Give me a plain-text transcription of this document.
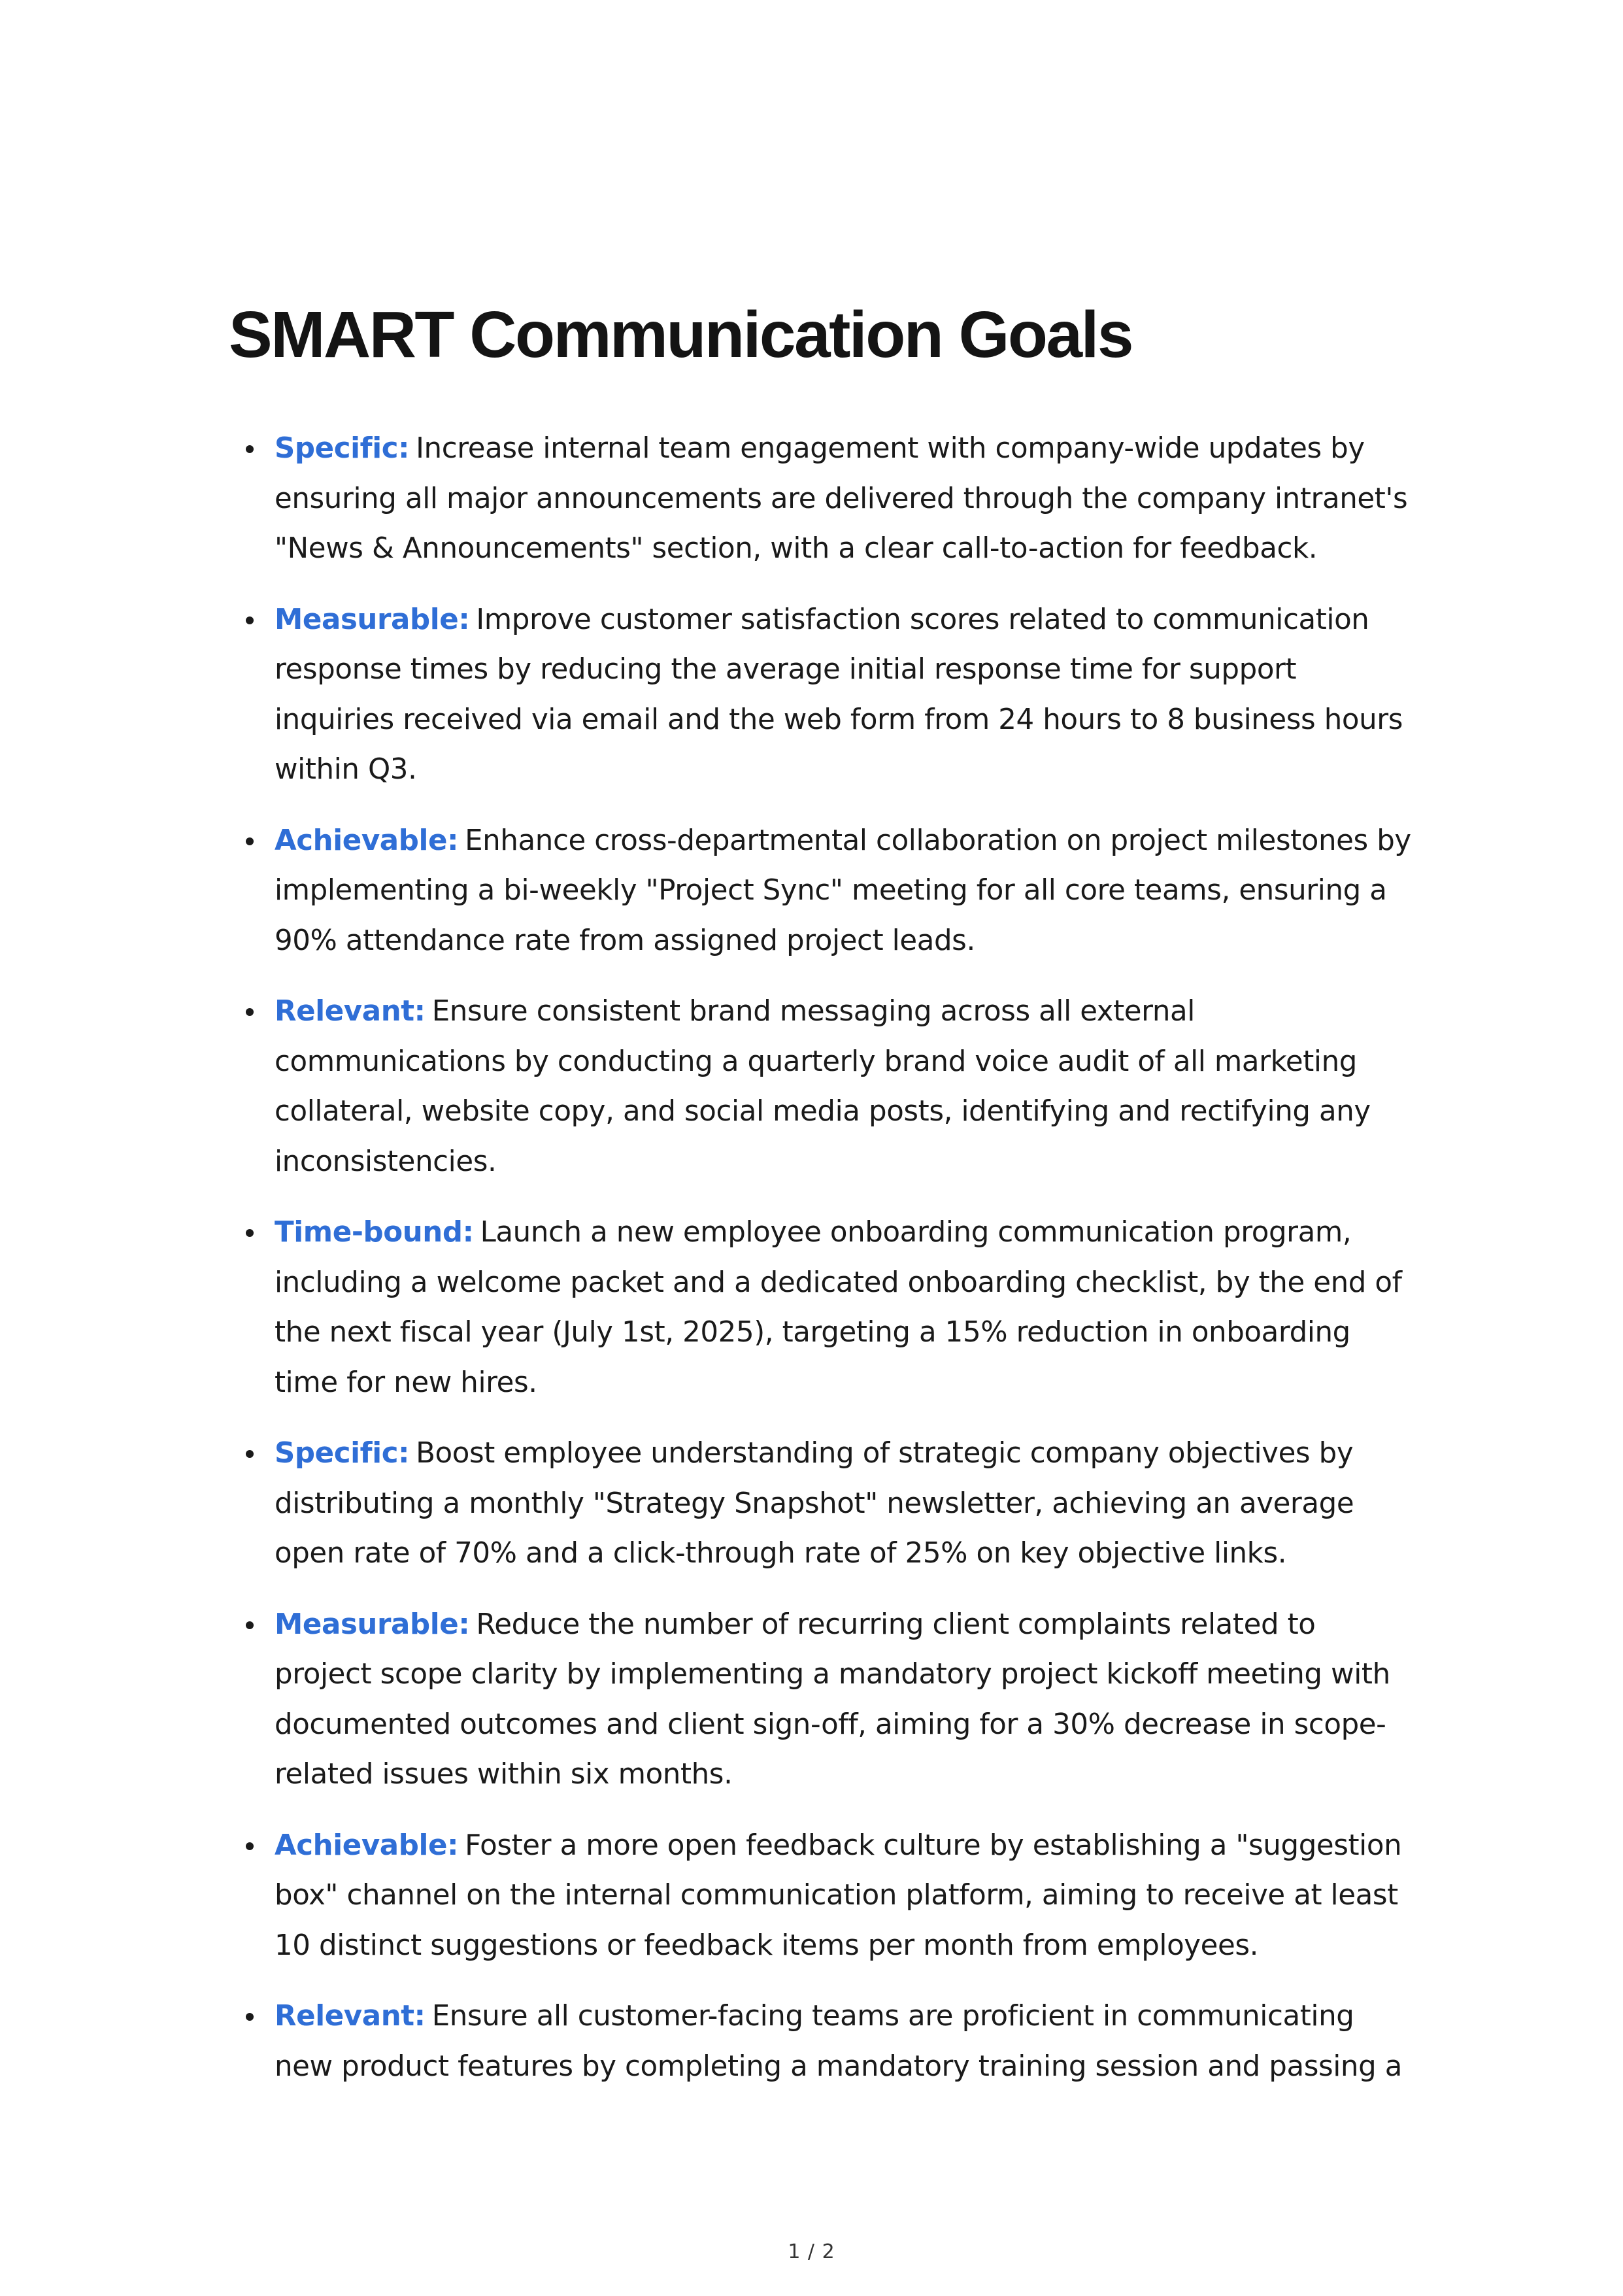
SMART Communication Goals
Specific: Increase internal team engagement with company-wide updates by ensuring all major announcements are delivered through the company intranet's "News & Announcements" section, with a clear call-to-action for feedback.
Measurable: Improve customer satisfaction scores related to communication response times by reducing the average initial response time for support inquiries received via email and the web form from 24 hours to 8 business hours within Q3.
Achievable: Enhance cross-departmental collaboration on project milestones by implementing a bi-weekly "Project Sync" meeting for all core teams, ensuring a 90% attendance rate from assigned project leads.
Relevant: Ensure consistent brand messaging across all external communications by conducting a quarterly brand voice audit of all marketing collateral, website copy, and social media posts, identifying and rectifying any inconsistencies.
Time-bound: Launch a new employee onboarding communication program, including a welcome packet and a dedicated onboarding checklist, by the end of the next fiscal year (July 1st, 2025), targeting a 15% reduction in onboarding time for new hires.
Specific: Boost employee understanding of strategic company objectives by distributing a monthly "Strategy Snapshot" newsletter, achieving an average open rate of 70% and a click-through rate of 25% on key objective links.
Measurable: Reduce the number of recurring client complaints related to project scope clarity by implementing a mandatory project kickoff meeting with documented outcomes and client sign-off, aiming for a 30% decrease in scope-related issues within six months.
Achievable: Foster a more open feedback culture by establishing a "suggestion box" channel on the internal communication platform, aiming to receive at least 10 distinct suggestions or feedback items per month from employees.
Relevant: Ensure all customer-facing teams are proficient in communicating new product features by completing a mandatory training session and passing a
1 / 2
